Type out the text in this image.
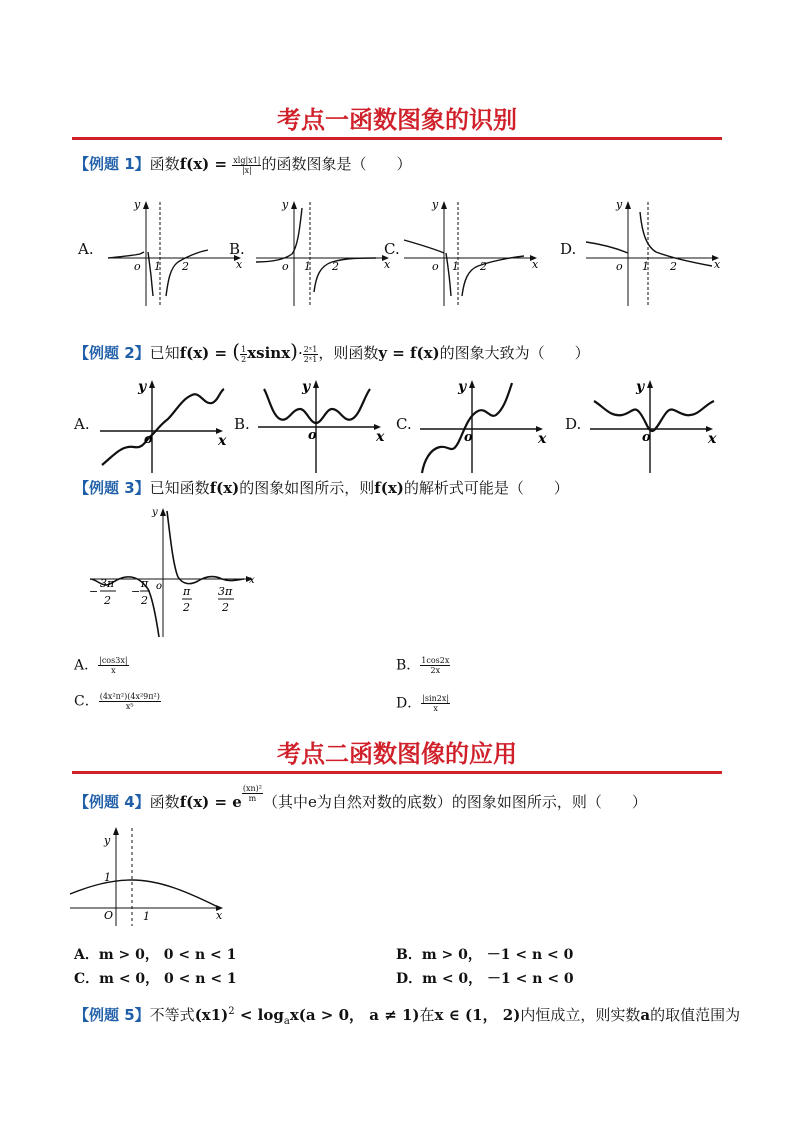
考点一函数图象的识别
【例题 1】函数$f(x) = \frac{xlg|x1|}{|x|}$ 的函数图象是（　　）
A.
y
x
o 1 2
B.
y
x
o 1 2
C.
y
x
o 1 2
D.
y
x
o 1 2
【例题 2】已知f(x) = ( $\frac{1}{2} xsinx)\cdot \frac{\text{2ˣ1}}{\text{2ˣ1}}$ ，则函数y = f(x)的图象大致为（　　）
A.
y
x
o
B.
y
x
o
C.
y
x
o
D.
y
x
o
【例题 3】已知函数f(x)的图象如图所示，则f(x)的解析式可能是（　　）
y
x
o
−
3π
2
−
π
2
π
2
3π
2
A． $\frac{|\cos 3x|}{x}$	B． $\frac{1\cos 2x}{2x}$
C． $\frac{\text{(4x²π²)(4x²9π²)}}{\text{x⁵}}$	D． $\frac{|\sin 2x|}{x}$
考点二函数图像的应用
【例题 4】函数f(x) = e $\frac{\text{(xn)²}}{m}$ （其中e为自然对数的底数）的图象如图所示，则（　　）
y
1
O	1	x
A．m > 0， 0 < n < 1	B．m > 0， －1 < n < 0
C．m < 0， 0 < n < 1	D．m < 0， －1 < n < 0
【例题 5】不等式$(x1)^2 < \log_ax(a > 0$， a ≠ 1)在x ∈ (1， 2)内恒成立，则实数a的取值范围为
